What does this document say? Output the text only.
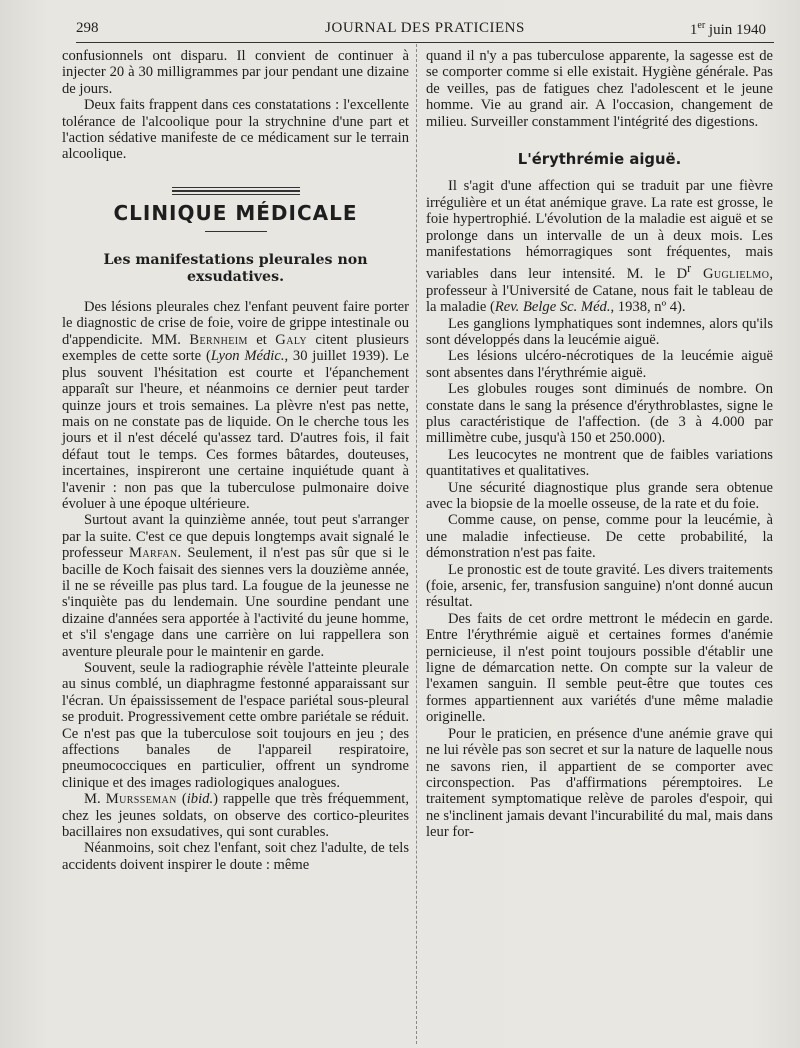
298	JOURNAL DES PRATICIENS	1er juin 1940

confusionnels ont disparu. Il convient de continuer à injecter 20 à 30 milligrammes par jour pendant une dizaine de jours.

Deux faits frappent dans ces constatations : l'excellente tolérance de l'alcoolique pour la strychnine d'une part et l'action sédative manifeste de ce médicament sur le terrain alcoolique.

CLINIQUE MÉDICALE
Les manifestations pleurales non exsudatives.

Des lésions pleurales chez l'enfant peuvent faire porter le diagnostic de crise de foie, voire de grippe intestinale ou d'appendicite. MM. Bernheim et Galy citent plusieurs exemples de cette sorte (Lyon Médic., 30 juillet 1939). Le plus souvent l'hésitation est courte et l'épanchement apparaît sur l'heure, et néanmoins ce dernier peut tarder quinze jours et trois semaines. La plèvre n'est pas nette, mais on ne constate pas de liquide. On le cherche tous les jours et il n'est décelé qu'assez tard. D'autres fois, il fait défaut tout le temps. Ces formes bâtardes, douteuses, incertaines, inspireront une certaine inquiétude quant à l'avenir : non pas que la tuberculose pulmonaire doive évoluer à une époque ultérieure.

Surtout avant la quinzième année, tout peut s'arranger par la suite. C'est ce que depuis longtemps avait signalé le professeur Marfan. Seulement, il n'est pas sûr que si le bacille de Koch faisait des siennes vers la douzième année, il ne se réveille pas plus tard. La fougue de la jeunesse ne s'inquiète pas du lendemain. Une sourdine pendant une dizaine d'années sera apportée à l'activité du jeune homme, et s'il s'engage dans une carrière on lui rappellera son aventure pleurale pour le maintenir en garde.

Souvent, seule la radiographie révèle l'atteinte pleurale au sinus comblé, un diaphragme festonné apparaissant sur l'écran. Un épaississement de l'espace pariétal sous-pleural se produit. Progressivement cette ombre pariétale se réduit. Ce n'est pas que la tuberculose soit toujours en jeu ; des affections banales de l'appareil respiratoire, pneumococciques en particulier, offrent un syndrome clinique et des images radiologiques analogues.

M. Mursseman (ibid.) rappelle que très fréquemment, chez les jeunes soldats, on observe des cortico-pleurites bacillaires non exsudatives, qui sont curables.

Néanmoins, soit chez l'enfant, soit chez l'adulte, de tels accidents doivent inspirer le doute : même

quand il n'y a pas tuberculose apparente, la sagesse est de se comporter comme si elle existait. Hygiène générale. Pas de veilles, pas de fatigues chez l'adolescent et le jeune homme. Vie au grand air. A l'occasion, changement de milieu. Surveiller constamment l'intégrité des digestions.

L'érythrémie aiguë.

Il s'agit d'une affection qui se traduit par une fièvre irrégulière et un état anémique grave. La rate est grosse, le foie hypertrophié. L'évolution de la maladie est aiguë et se prolonge dans un intervalle de un à deux mois. Les manifestations hémorragiques sont fréquentes, mais variables dans leur intensité. M. le $D^r$ Guglielmo, professeur à l'Université de Catane, nous fait le tableau de la maladie (Rev. Belge Sc. Méd., 1938, nº 4).

Les ganglions lymphatiques sont indemnes, alors qu'ils sont développés dans la leucémie aiguë.

Les lésions ulcéro-nécrotiques de la leucémie aiguë sont absentes dans l'érythrémie aiguë.

Les globules rouges sont diminués de nombre. On constate dans le sang la présence d'érythroblastes, signe le plus caractéristique de l'affection. (de 3 à 4.000 par millimètre cube, jusqu'à 150 et 250.000).

Les leucocytes ne montrent que de faibles variations quantitatives et qualitatives.

Une sécurité diagnostique plus grande sera obtenue avec la biopsie de la moelle osseuse, de la rate et du foie.

Comme cause, on pense, comme pour la leucémie, à une maladie infectieuse. De cette probabilité, la démonstration n'est pas faite.

Le pronostic est de toute gravité. Les divers traitements (foie, arsenic, fer, transfusion sanguine) n'ont donné aucun résultat.

Des faits de cet ordre mettront le médecin en garde. Entre l'érythrémie aiguë et certaines formes d'anémie pernicieuse, il n'est point toujours possible d'établir une ligne de démarcation nette. On compte sur la valeur de l'examen sanguin. Il semble peut-être que toutes ces formes appartiennent aux variétés d'une même maladie originelle.

Pour le praticien, en présence d'une anémie grave qui ne lui révèle pas son secret et sur la nature de laquelle nous ne savons rien, il appartient de se comporter avec circonspection. Pas d'affirmations péremptoires. Le traitement symptomatique relève de paroles d'espoir, qui ne s'inclinent jamais devant l'incurabilité du mal, mais dans leur for-
